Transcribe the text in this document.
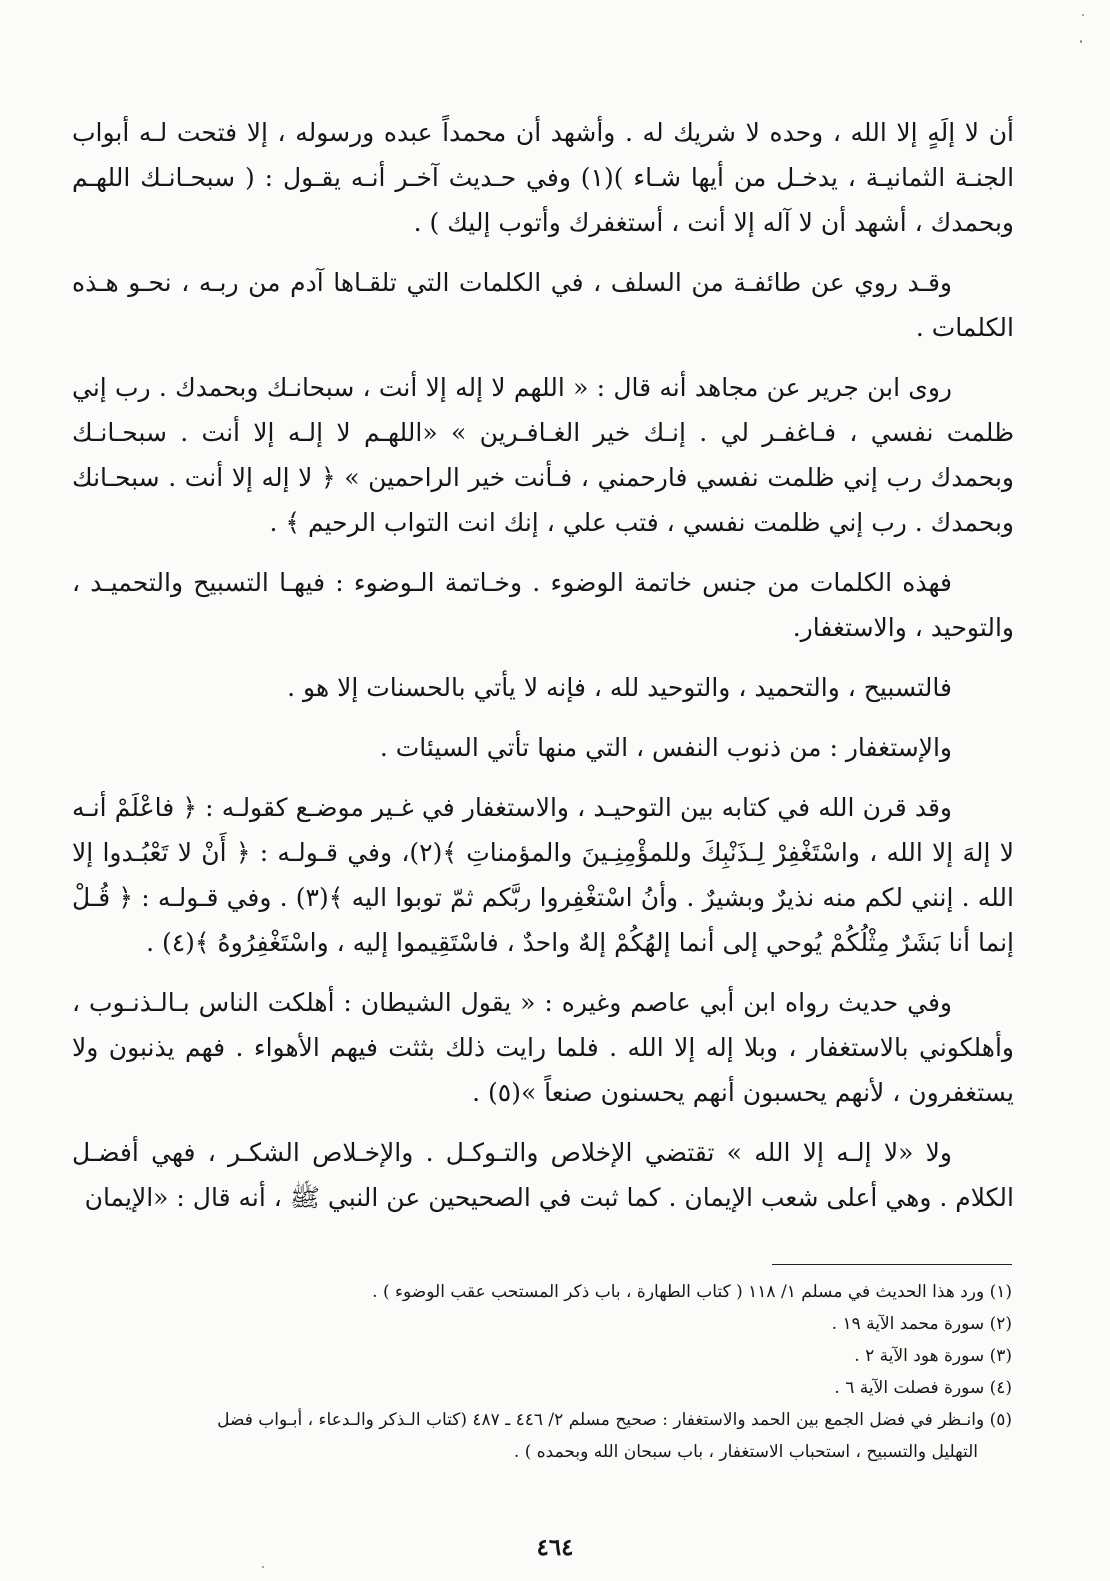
أن لا إلَهٍ إلا الله ، وحده لا شريك له . وأشهد أن محمداً عبده ورسوله ، إلا فتحت لـه أبواب الجنـة الثمانيـة ، يدخـل من أيها شـاء )(١) وفي حـديث آخـر أنـه يقـول : ( سبحـانـك اللهـم وبحمدك ، أشهد أن لا آله إلا أنت ، أستغفرك وأتوب إليك ) .

وقـد روي عن طائفـة من السلف ، في الكلمات التي تلقـاها آدم من ربـه ، نحـو هـذه الكلمات .

روى ابن جرير عن مجاهد أنه قال : « اللهم لا إله إلا أنت ، سبحانـك وبحمدك . رب إني ظلمت نفسي ، فـاغفـر لي . إنـك خير الغـافـرين » «اللهـم لا إلـه إلا أنت . سبحـانـك وبحمدك رب إني ظلمت نفسي فارحمني ، فـأنت خير الراحمين » ﴿ لا إله إلا أنت . سبحـانك وبحمدك . رب إني ظلمت نفسي ، فتب علي ، إنك انت التواب الرحيم ﴾ .

فهذه الكلمات من جنس خاتمة الوضوء . وخـاتمة الـوضوء : فيهـا التسبيح والتحميـد ، والتوحيد ، والاستغفار.

فالتسبيح ، والتحميد ، والتوحيد لله ، فإنه لا يأتي بالحسنات إلا هو .

والإستغفار : من ذنوب النفس ، التي منها تأتي السيئات .

وقد قرن الله في كتابه بين التوحيـد ، والاستغفار في غـير موضـع كقولـه : ﴿ فاعْلَمْ أنـه لا إلهَ إلا الله ، واسْتَغْفِرْ لِـذَنْبِكَ وللمؤْمِنِـينَ والمؤمناتِ ﴾(٢)، وفي قـولـه : ﴿ أَنْ لا تَعْبُـدوا إلا الله . إنني لكم منه نذيرٌ وبشيرٌ . وأنُ اسْتغْفِروا ربَّكم ثمّ توبوا اليه ﴾(٣) . وفي قـولـه : ﴿ قُـلْ إنما أنا بَشَرٌ مِثْلُكُمْ يُوحي إلى أنما إلهُكُمْ إلهٌ واحدٌ ، فاسْتَقِيموا إليه ، واسْتَغْفِرُوهُ ﴾(٤) .

وفي حديث رواه ابن أبي عاصم وغيره : « يقول الشيطان : أهلكت الناس بـالـذنـوب ، وأهلكوني بالاستغفار ، وبلا إله إلا الله . فلما رايت ذلك بثثت فيهم الأهواء . فهم يذنبون ولا يستغفرون ، لأنهم يحسبون أنهم يحسنون صنعاً »(٥) .

ولا «لا إلـه إلا الله » تقتضي الإخلاص والتـوكـل . والإخـلاص الشكـر ، فهي أفضـل الكلام . وهي أعلى شعب الإيمان . كما ثبت في الصحيحين عن النبي ﷺ ، أنه قال : «الإيمان

(١) ورد هذا الحديث في مسلم ١/ ١١٨ ( كتاب الطهارة ، باب ذكر المستحب عقب الوضوء ) .

(٢) سورة محمد الآية ١٩ .

(٣) سورة هود الآية ٢ .

(٤) سورة فصلت الآية ٦ .

(٥) وانـظر في فضل الجمع بين الحمد والاستغفار : صحيح مسلم ٢/ ٤٤٦ ـ ٤٨٧ (كتاب الـذكر والـدعاء ، أبـواب فضل

التهليل والتسبيح ، استحباب الاستغفار ، باب سبحان الله وبحمده ) .

٤٦٤
